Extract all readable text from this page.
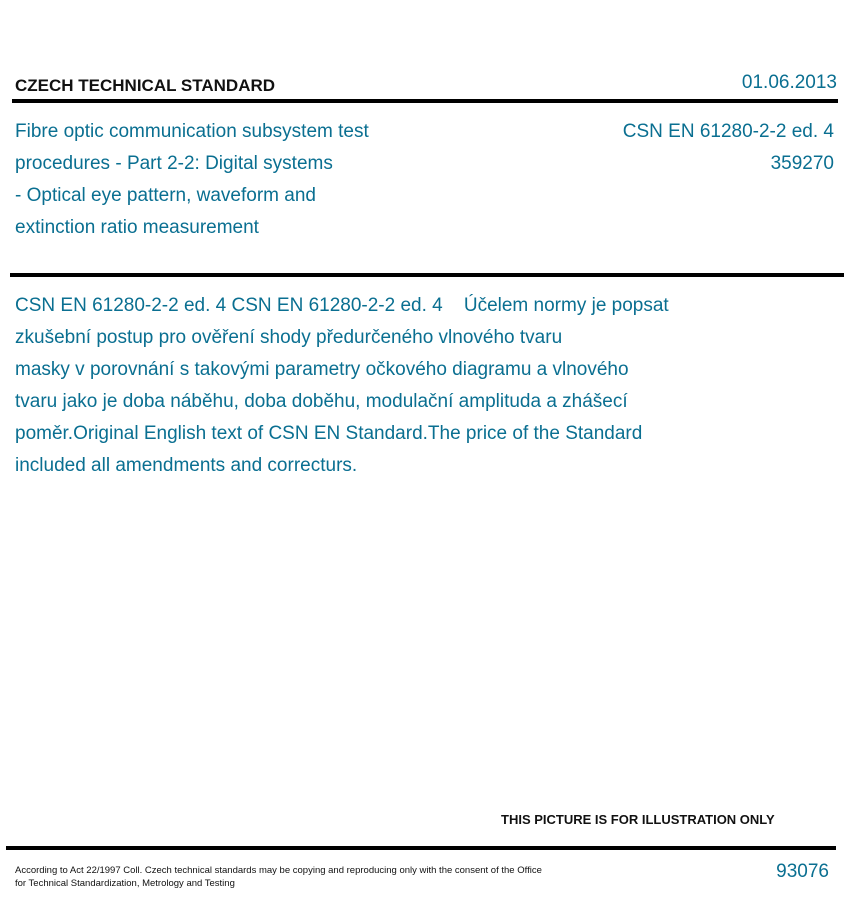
CZECH TECHNICAL STANDARD	01.06.2013
Fibre optic communication subsystem test
procedures - Part 2-2: Digital systems
- Optical eye pattern, waveform and
extinction ratio measurement
CSN EN 61280-2-2 ed. 4
359270
CSN EN 61280-2-2 ed. 4 CSN EN 61280-2-2 ed. 4    Účelem normy je popsat
zkušební postup pro ověření shody předurčeného vlnového tvaru
masky v porovnání s takovými parametry očkového diagramu a vlnového
tvaru jako je doba náběhu, doba doběhu, modulační amplituda a zhášecí
poměr.Original English text of CSN EN Standard.The price of the Standard
included all amendments and correcturs.
THIS PICTURE IS FOR ILLUSTRATION ONLY
According to Act 22/1997 Coll. Czech technical standards may be copying and reproducing only with the consent of the Office
for Technical Standardization, Metrology and Testing
93076
